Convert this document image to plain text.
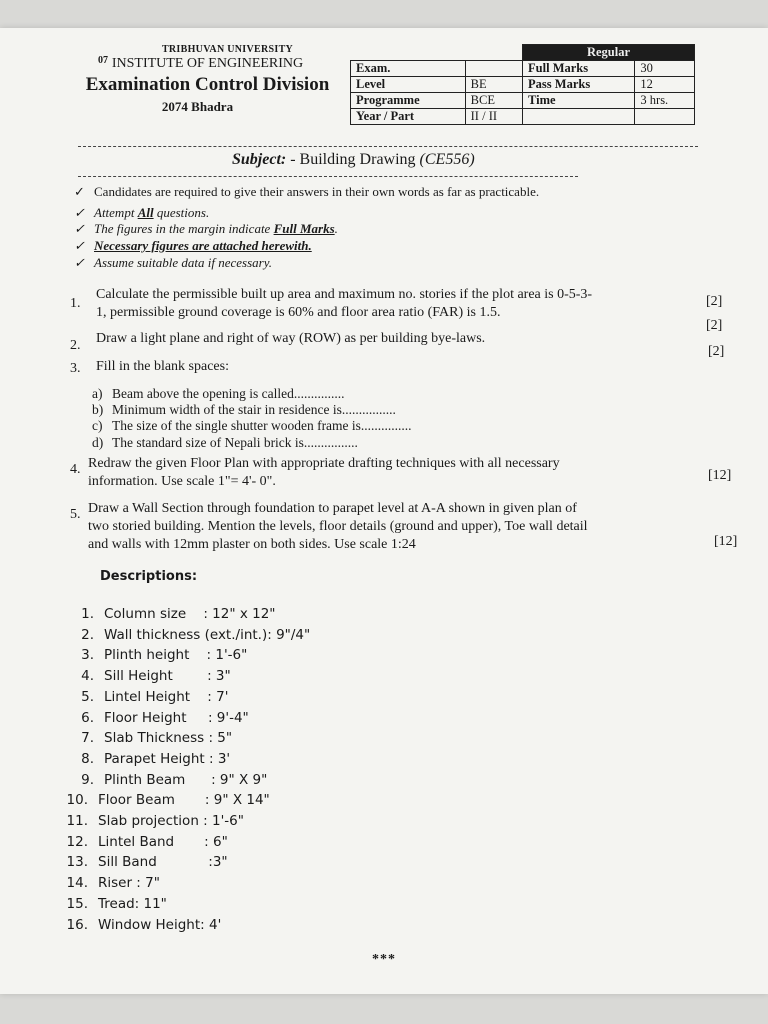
07
TRIBHUVAN UNIVERSITY
INSTITUTE OF ENGINEERING
Examination Control Division
2074 Bhadra
		Regular	
Exam.		Full Marks	30
Level	BE	Pass Marks	12
Programme	BCE	Time	3 hrs.
Year / Part	II / II		
Subject: - Building Drawing (CE556)
✓ Candidates are required to give their answers in their own words as far as practicable.
✓ Attempt All questions.
✓ The figures in the margin indicate Full Marks.
✓ Necessary figures are attached herewith.
✓ Assume suitable data if necessary.
1.
Calculate the permissible built up area and maximum no. stories if the plot area is 0-5-3-
1, permissible ground coverage is 60% and floor area ratio (FAR) is 1.5.
[2]
2. Draw a light plane and right of way (ROW) as per building bye-laws.
[2]
3. Fill in the blank spaces:
[2]
a) Beam above the opening is called...............
b) Minimum width of the stair in residence is................
c) The size of the single shutter wooden frame is...............
d) The standard size of Nepali brick is................
4. Redraw the given Floor Plan with appropriate drafting techniques with all necessary
information. Use scale 1"= 4'- 0".	[12]
5. Draw a Wall Section through foundation to parapet level at A-A shown in given plan of
two storied building. Mention the levels, floor details (ground and upper), Toe wall detail
and walls with 12mm plaster on both sides. Use scale 1:24	[12]
Descriptions:
1. Column size    : 12" x 12"
2. Wall thickness (ext./int.): 9"/4"
3. Plinth height    : 1'-6"
4. Sill Height        : 3"
5. Lintel Height    : 7'
6. Floor Height     : 9'-4"
7. Slab Thickness : 5"
8. Parapet Height : 3'
9. Plinth Beam      : 9" X 9"
10. Floor Beam       : 9" X 14"
11. Slab projection : 1'-6"
12. Lintel Band       : 6"
13. Sill Band            :3"
14. Riser : 7"
15. Tread: 11"
16. Window Height: 4'
***
